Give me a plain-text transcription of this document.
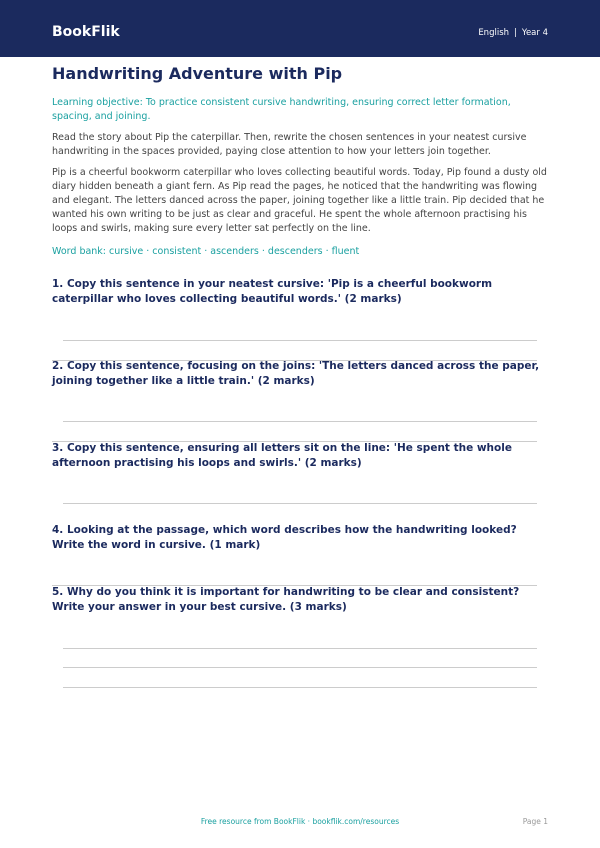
BookFlik	English | Year 4
Handwriting Adventure with Pip

Learning objective: To practice consistent cursive handwriting, ensuring correct letter formation, spacing, and joining.

Read the story about Pip the caterpillar. Then, rewrite the chosen sentences in your neatest cursive handwriting in the spaces provided, paying close attention to how your letters join together.

Pip is a cheerful bookworm caterpillar who loves collecting beautiful words. Today, Pip found a dusty old diary hidden beneath a giant fern. As Pip read the pages, he noticed that the handwriting was flowing and elegant. The letters danced across the paper, joining together like a little train. Pip decided that he wanted his own writing to be just as clear and graceful. He spent the whole afternoon practising his loops and swirls, making sure every letter sat perfectly on the line.

Word bank: cursive · consistent · ascenders · descenders · fluent

1. Copy this sentence in your neatest cursive: 'Pip is a cheerful bookworm caterpillar who loves collecting beautiful words.' (2 marks)

2. Copy this sentence, focusing on the joins: 'The letters danced across the paper, joining together like a little train.' (2 marks)

3. Copy this sentence, ensuring all letters sit on the line: 'He spent the whole afternoon practising his loops and swirls.' (2 marks)

4. Looking at the passage, which word describes how the handwriting looked? Write the word in cursive. (1 mark)

5. Why do you think it is important for handwriting to be clear and consistent? Write your answer in your best cursive. (3 marks)

Free resource from BookFlik · bookflik.com/resources	Page 1
